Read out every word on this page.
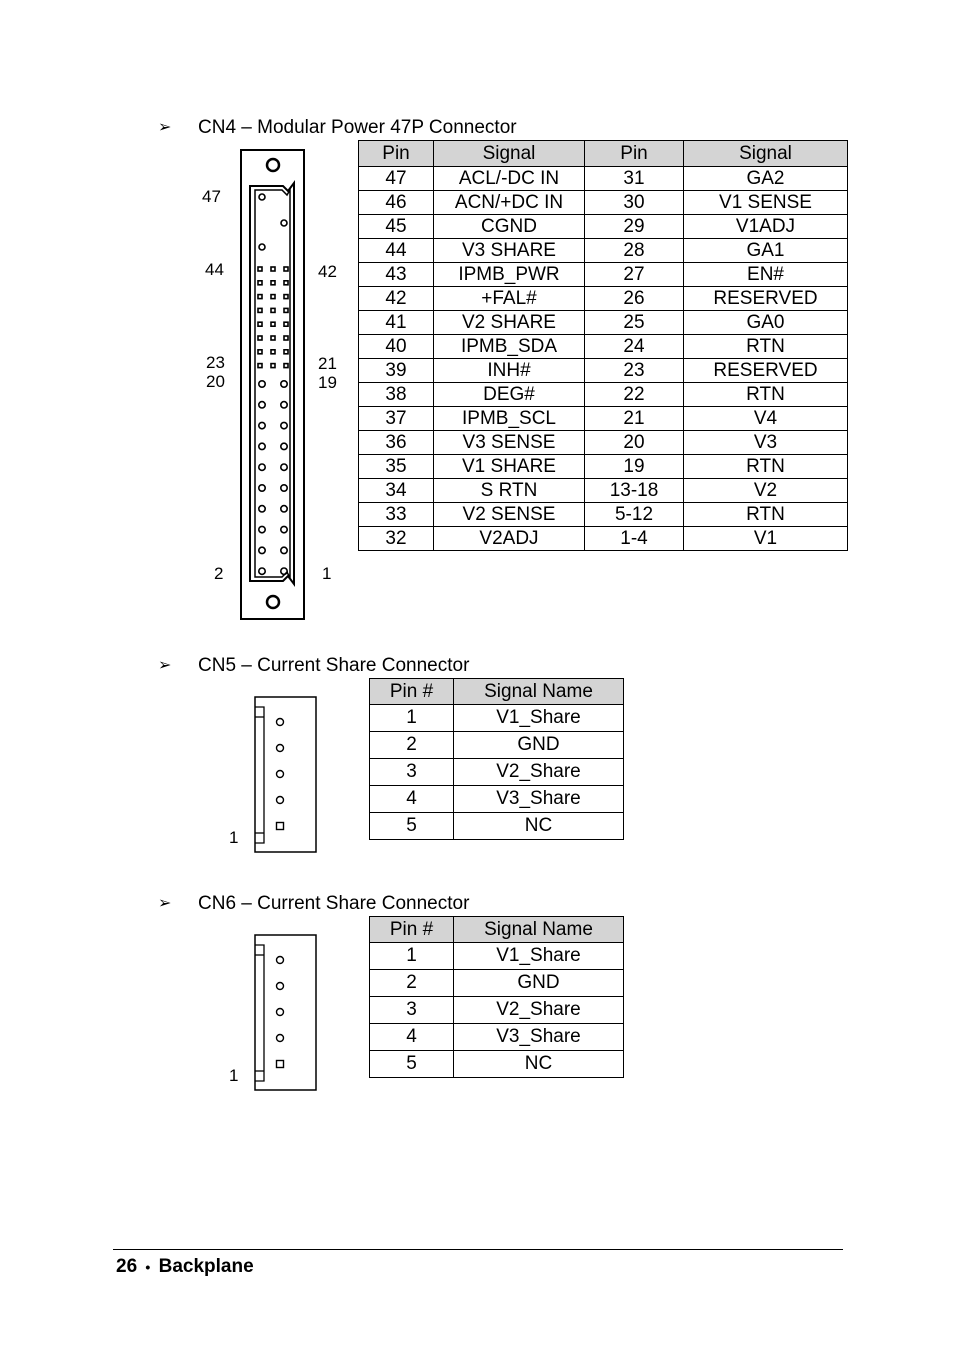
➢	CN4 – Modular Power 47P Connector
47
44	42
23	21
20	19
2	1
Pin	Signal	Pin	Signal
47	ACL/-DC IN	31	GA2
46	ACN/+DC IN	30	V1 SENSE
45	CGND	29	V1ADJ
44	V3 SHARE	28	GA1
43	IPMB_PWR	27	EN#
42	+FAL#	26	RESERVED
41	V2 SHARE	25	GA0
40	IPMB_SDA	24	RTN
39	INH#	23	RESERVED
38	DEG#	22	RTN
37	IPMB_SCL	21	V4
36	V3 SENSE	20	V3
35	V1 SHARE	19	RTN
34	S RTN	13-18	V2
33	V2 SENSE	5-12	RTN
32	V2ADJ	1-4	V1
➢	CN5 – Current Share Connector
1
Pin #	Signal Name
1	V1_Share
2	GND
3	V2_Share
4	V3_Share
5	NC
➢	CN6 – Current Share Connector
1
Pin #	Signal Name
1	V1_Share
2	GND
3	V2_Share
4	V3_Share
5	NC
26 • Backplane
